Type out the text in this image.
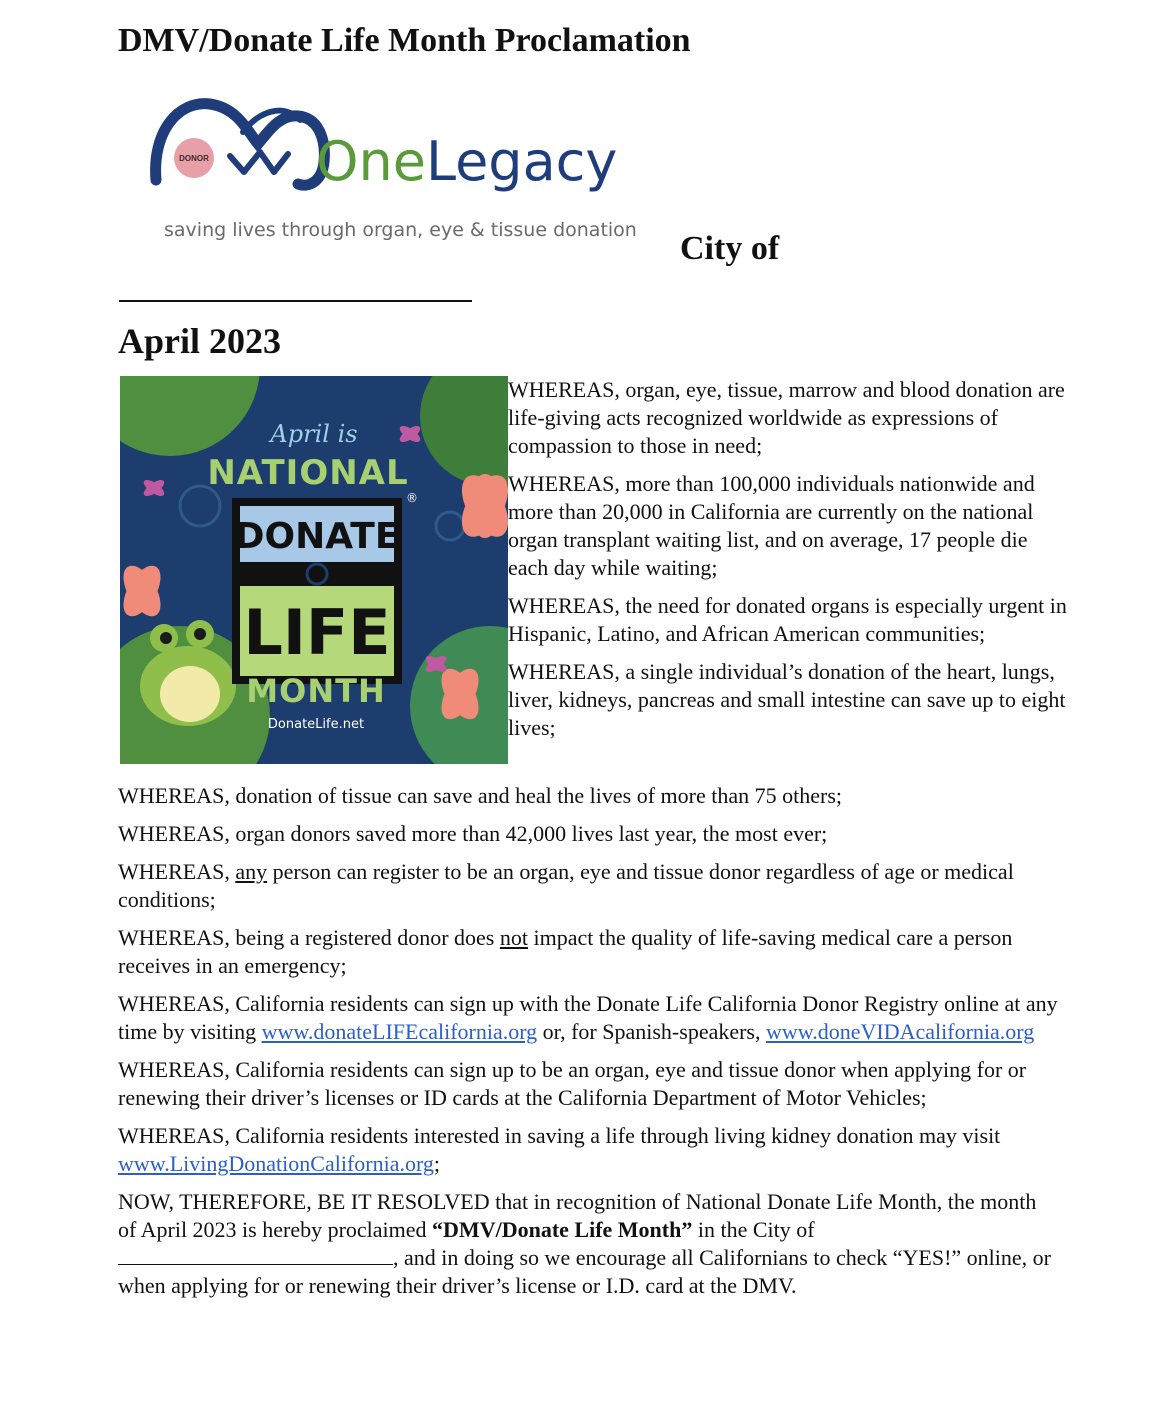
DMV/Donate Life Month Proclamation
DONOR OneLegacy
saving lives through organ, eye & tissue donation City of
April 2023
April is
NATIONAL
DONATE
LIFE
®
MONTH
DonateLife.net

WHEREAS, organ, eye, tissue, marrow and blood donation are life-giving acts recognized worldwide as expressions of compassion to those in need;

WHEREAS, more than 100,000 individuals nationwide and more than 20,000 in California are currently on the national organ transplant waiting list, and on average, 17 people die each day while waiting;

WHEREAS, the need for donated organs is especially urgent in Hispanic, Latino, and African American communities;

WHEREAS, a single individual’s donation of the heart, lungs, liver, kidneys, pancreas and small intestine can save up to eight lives;

WHEREAS, donation of tissue can save and heal the lives of more than 75 others;

WHEREAS, organ donors saved more than 42,000 lives last year, the most ever;

WHEREAS, any person can register to be an organ, eye and tissue donor regardless of age or medical conditions;

WHEREAS, being a registered donor does not impact the quality of life-saving medical care a person receives in an emergency;

WHEREAS, California residents can sign up with the Donate Life California Donor Registry online at any time by visiting www.donateLIFEcalifornia.org or, for Spanish-speakers, www.doneVIDAcalifornia.org

WHEREAS, California residents can sign up to be an organ, eye and tissue donor when applying for or renewing their driver’s licenses or ID cards at the California Department of Motor Vehicles;

WHEREAS, California residents interested in saving a life through living kidney donation may visit www.LivingDonationCalifornia.org;

NOW, THEREFORE, BE IT RESOLVED that in recognition of National Donate Life Month, the month of April 2023 is hereby proclaimed “DMV/Donate Life Month” in the City of
, and in doing so we encourage all Californians to check “YES!” online, or when applying for or renewing their driver’s license or I.D. card at the DMV.
